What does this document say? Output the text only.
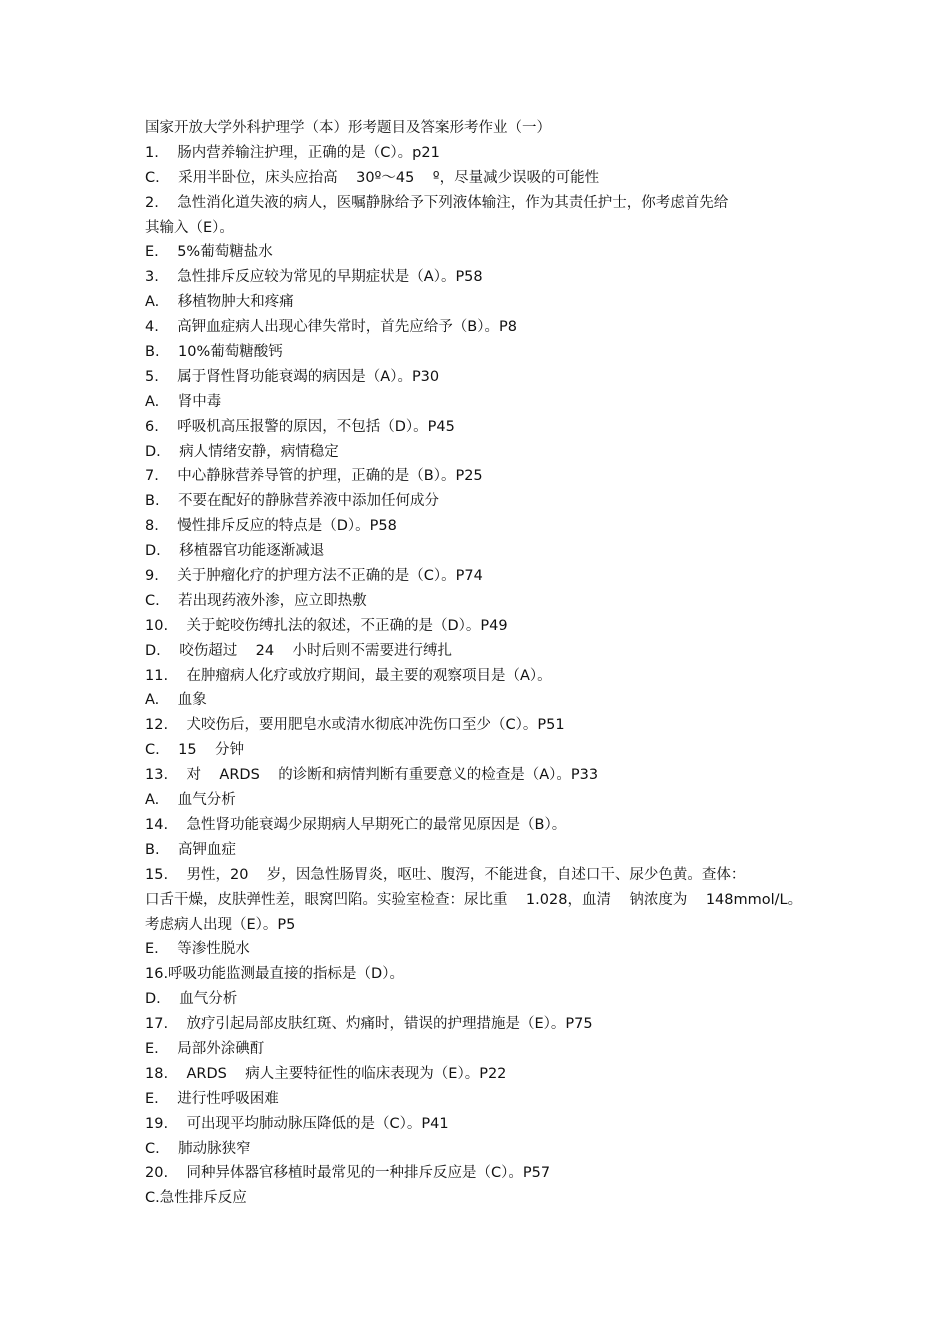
国家开放大学外科护理学（本）形考题目及答案形考作业（一）
1.    肠内营养输注护理，正确的是（C）。p21
C.    采用半卧位，床头应抬高    30º～45    º，尽量减少误吸的可能性
2.    急性消化道失液的病人，医嘱静脉给予下列液体输注，作为其责任护士，你考虑首先给
其输入（E）。
E.    5%葡萄糖盐水
3.    急性排斥反应较为常见的早期症状是（A）。P58
A.    移植物肿大和疼痛
4.    高钾血症病人出现心律失常时，首先应给予（B）。P8
B.    10%葡萄糖酸钙
5.    属于肾性肾功能衰竭的病因是（A）。P30
A.    肾中毒
6.    呼吸机高压报警的原因，不包括（D）。P45
D.    病人情绪安静，病情稳定
7.    中心静脉营养导管的护理，正确的是（B）。P25
B.    不要在配好的静脉营养液中添加任何成分
8.    慢性排斥反应的特点是（D）。P58
D.    移植器官功能逐渐减退
9.    关于肿瘤化疗的护理方法不正确的是（C）。P74
C.    若出现药液外渗，应立即热敷
10.    关于蛇咬伤缚扎法的叙述，不正确的是（D）。P49
D.    咬伤超过    24    小时后则不需要进行缚扎
11.    在肿瘤病人化疗或放疗期间，最主要的观察项目是（A）。
A.    血象
12.    犬咬伤后，要用肥皂水或清水彻底冲洗伤口至少（C）。P51
C.    15    分钟
13.    对    ARDS    的诊断和病情判断有重要意义的检查是（A）。P33
A.    血气分析
14.    急性肾功能衰竭少尿期病人早期死亡的最常见原因是（B）。
B.    高钾血症
15.    男性，20    岁，因急性肠胃炎，呕吐、腹泻，不能进食，自述口干、尿少色黄。查体：
口舌干燥，皮肤弹性差，眼窝凹陷。实验室检查：尿比重    1.028，血清    钠浓度为    148mmol/L。
考虑病人出现（E）。P5
E.    等渗性脱水
16.呼吸功能监测最直接的指标是（D）。
D.    血气分析
17.    放疗引起局部皮肤红斑、灼痛时，错误的护理措施是（E）。P75
E.    局部外涂碘酊
18.    ARDS    病人主要特征性的临床表现为（E）。P22
E.    进行性呼吸困难
19.    可出现平均肺动脉压降低的是（C）。P41
C.    肺动脉狭窄
20.    同种异体器官移植时最常见的一种排斥反应是（C）。P57
C.急性排斥反应
